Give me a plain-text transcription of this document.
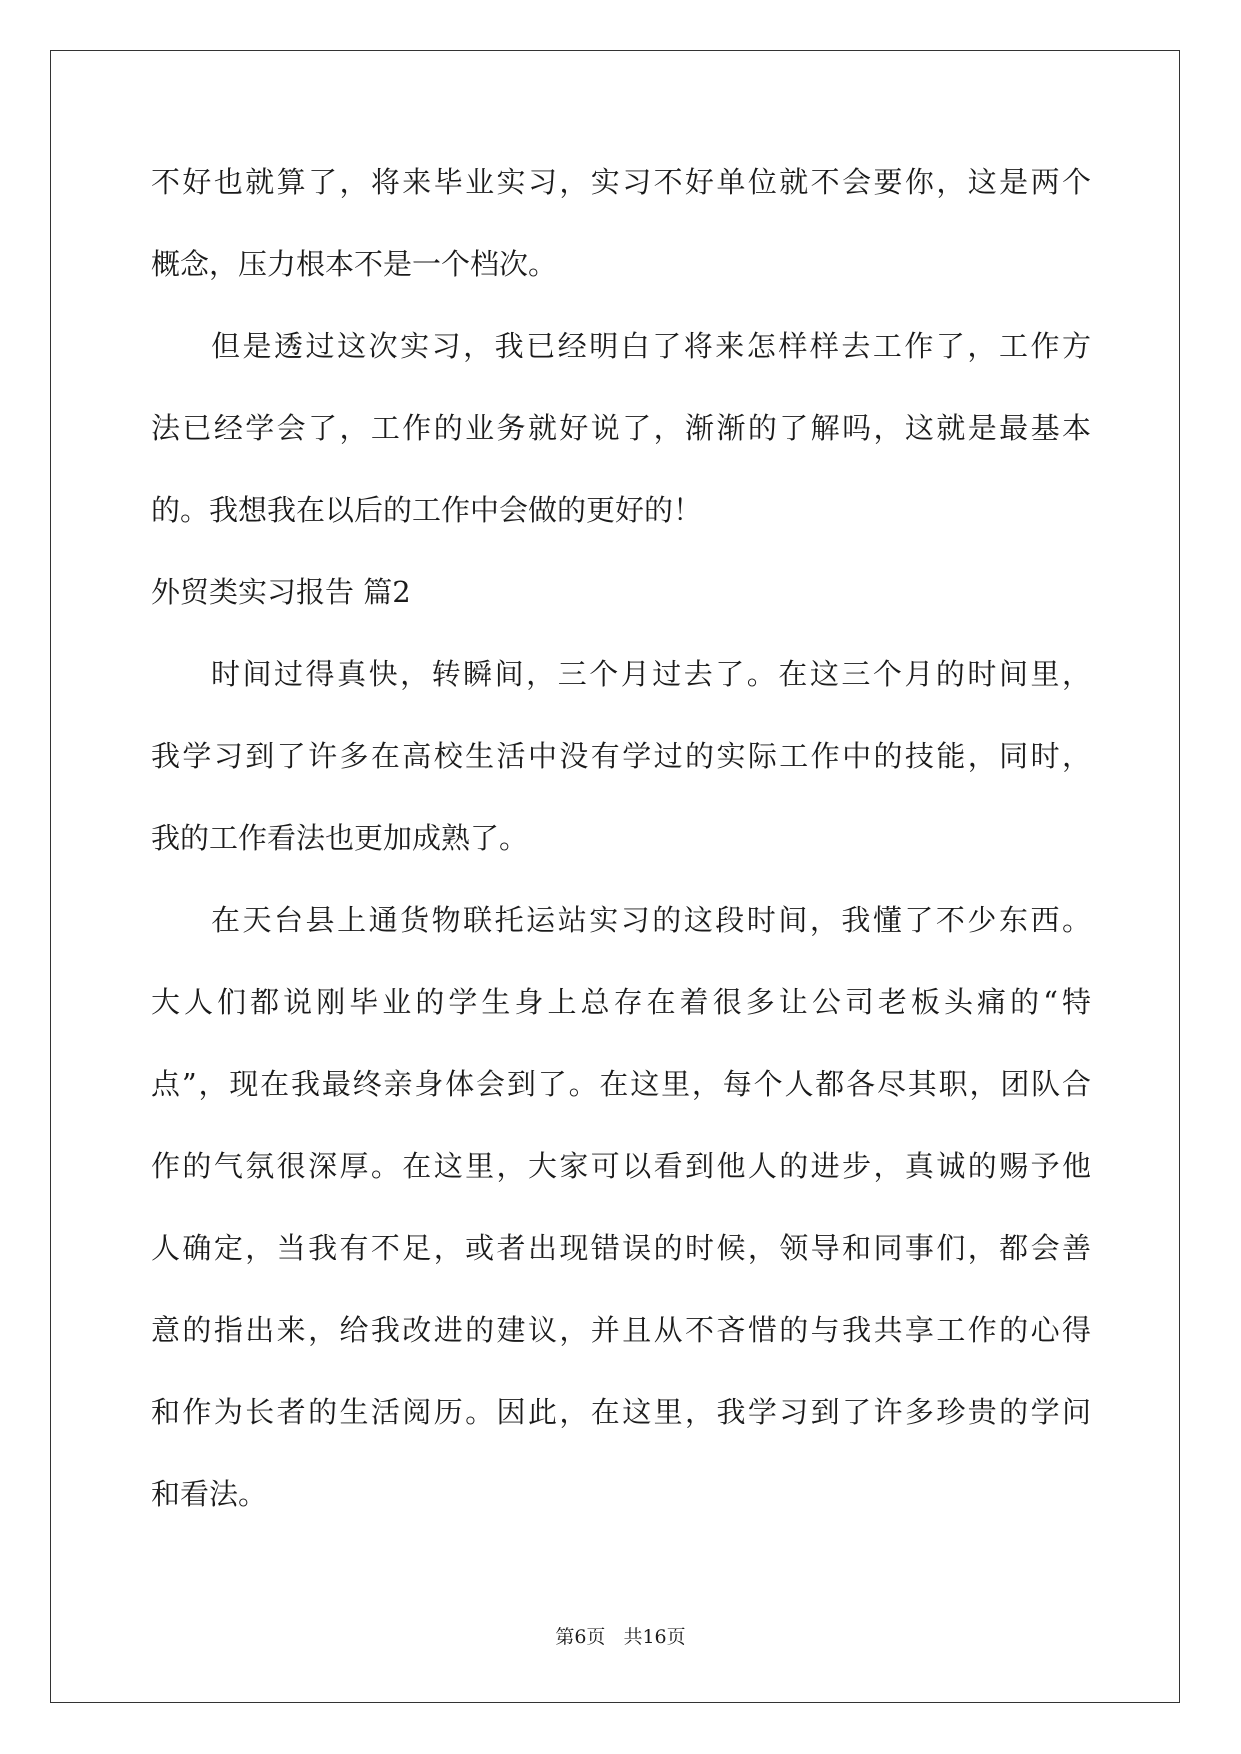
不好也就算了，将来毕业实习，实习不好单位就不会要你，这是两个
概念，压力根本不是一个档次。
但是透过这次实习，我已经明白了将来怎样样去工作了，工作方
法已经学会了，工作的业务就好说了，渐渐的了解吗，这就是最基本
的。我想我在以后的工作中会做的更好的！
外贸类实习报告 篇2
时间过得真快，转瞬间，三个月过去了。在这三个月的时间里，
我学习到了许多在高校生活中没有学过的实际工作中的技能，同时，
我的工作看法也更加成熟了。
在天台县上通货物联托运站实习的这段时间，我懂了不少东西。
大人们都说刚毕业的学生身上总存在着很多让公司老板头痛的“特
点”，现在我最终亲身体会到了。在这里，每个人都各尽其职，团队合
作的气氛很深厚。在这里，大家可以看到他人的进步，真诚的赐予他
人确定，当我有不足，或者出现错误的时候，领导和同事们，都会善
意的指出来，给我改进的建议，并且从不吝惜的与我共享工作的心得
和作为长者的生活阅历。因此，在这里，我学习到了许多珍贵的学问
和看法。
第6页 共16页
